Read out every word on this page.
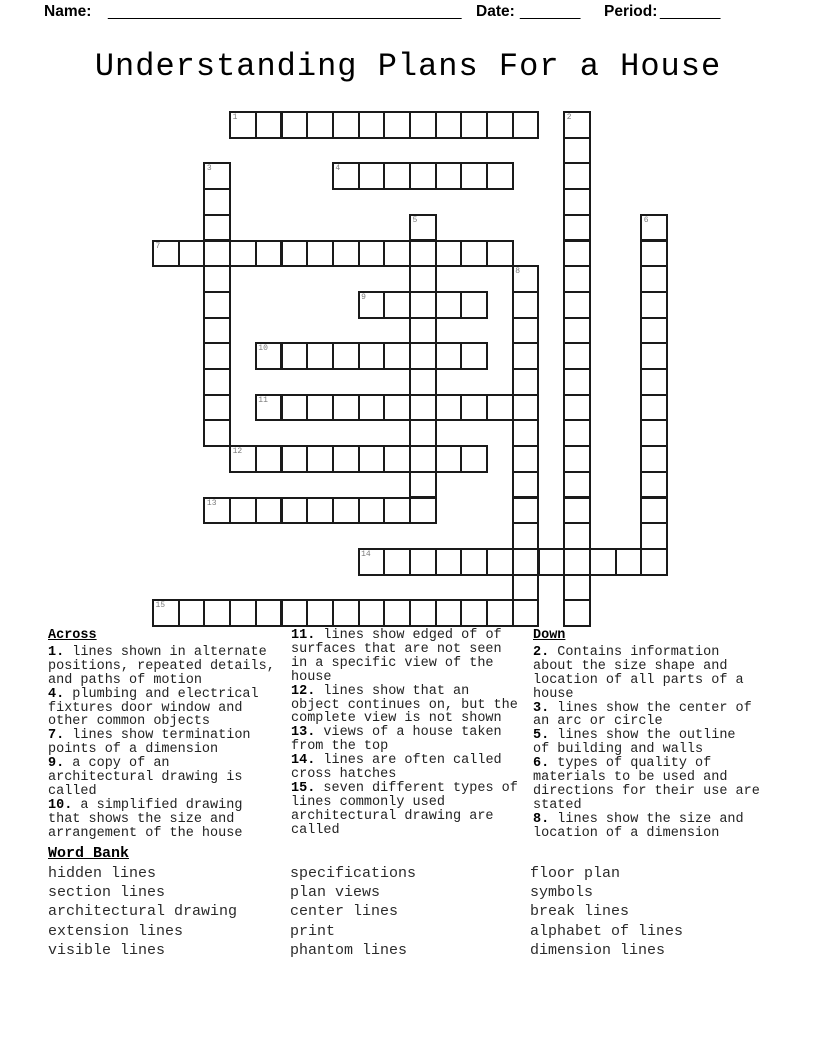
Name: _________________________________________ Date: _______ Period: _______
Understanding Plans For a House
1	2
3	4
5	6
7
8
9
10
11
12
13
14
15
Across
1. lines shown in alternate
positions, repeated details,
and paths of motion
4. plumbing and electrical
fixtures door window and
other common objects
7. lines show termination
points of a dimension
9. a copy of an
architectural drawing is
called
10. a simplified drawing
that shows the size and
arrangement of the house
11. lines show edged of of
surfaces that are not seen
in a specific view of the
house
12. lines show that an
object continues on, but the
complete view is not shown
13. views of a house taken
from the top
14. lines are often called
cross hatches
15. seven different types of
lines commonly used
architectural drawing are
called
Down
2. Contains information
about the size shape and
location of all parts of a
house
3. lines show the center of
an arc or circle
5. lines show the outline
of building and walls
6. types of quality of
materials to be used and
directions for their use are
stated
8. lines show the size and
location of a dimension
Word Bank
hidden lines
section lines
architectural drawing
extension lines
visible lines
specifications
plan views
center lines
print
phantom lines
floor plan
symbols
break lines
alphabet of lines
dimension lines
